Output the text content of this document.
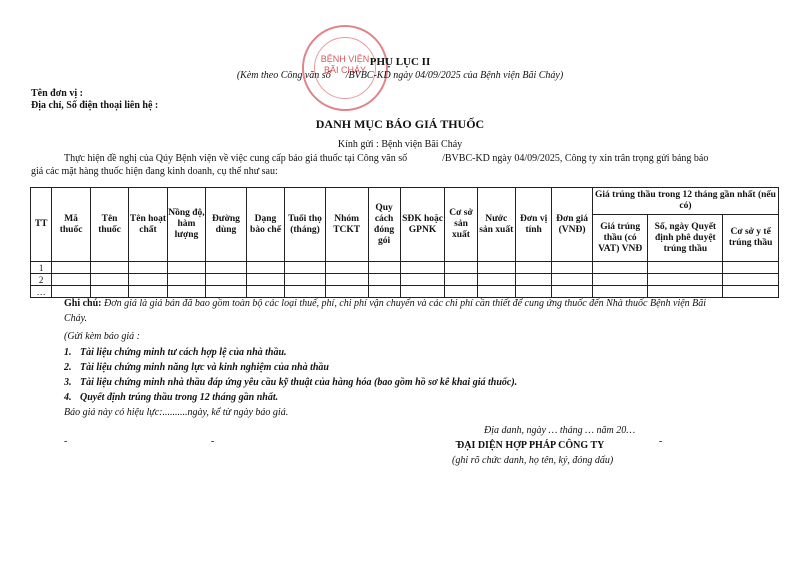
BỆNH VIỆN
BÃI CHÁY
PHỤ LỤC II
(Kèm theo Công văn số      /BVBC-KD ngày 04/09/2025 của Bệnh viện Bãi Cháy)
Tên đơn vị :
Địa chỉ, Số điện thoại liên hệ :
DANH MỤC BÁO GIÁ THUỐC
Kính gửi : Bệnh viện Bãi Cháy
Thực hiện đề nghị của Qúy Bệnh viện về việc cung cấp báo giá thuốc tại Công văn số	/BVBC-KD ngày 04/09/2025, Công ty xin trân trọng gửi bảng báo
giá các mặt hàng thuốc hiện đang kinh doanh, cụ thể như sau:
TT	Mã thuốc	Tên thuốc	Tên hoạt chất	Nồng độ, hàm lượng	Đường dùng	Dạng bào chế	Tuổi thọ (tháng)	Nhóm TCKT	Quy cách đóng gói	SĐK hoặc GPNK	Cơ sở sản xuất	Nước sản xuất	Đơn vị tính	Đơn giá (VNĐ)	Giá trúng thầu trong 12 tháng gần nhất (nếu có)		
															Giá trúng thầu (có VAT) VNĐ	Số, ngày Quyết định phê duyệt trúng thầu	Cơ sở y tế trúng thầu
1																	
2																	
…																	
Ghi chú: Đơn giá là giá bán đã bao gồm toàn bộ các loại thuế, phí, chi phí vận chuyển và các chi phí cần thiết để cung ứng thuốc đến Nhà thuốc Bệnh viện Bãi
Cháy.
(Gửi kèm báo giá :
1. Tài liệu chứng minh tư cách hợp lệ của nhà thầu.
2. Tài liệu chứng minh năng lực và kinh nghiệm của nhà thầu
3. Tài liệu chứng minh nhà thầu đáp ứng yêu cầu kỹ thuật của hàng hóa (bao gồm hồ sơ kê khai giá thuốc).
4. Quyết định trúng thầu trong 12 tháng gần nhất.
Báo giá này có hiệu lực:..........ngày, kể từ ngày báo giá.
Địa danh, ngày … tháng … năm 20…
ĐẠI DIỆN HỢP PHÁP CÔNG TY
(ghi rõ chức danh, họ tên, ký, đóng dấu)
-	-	-	-
